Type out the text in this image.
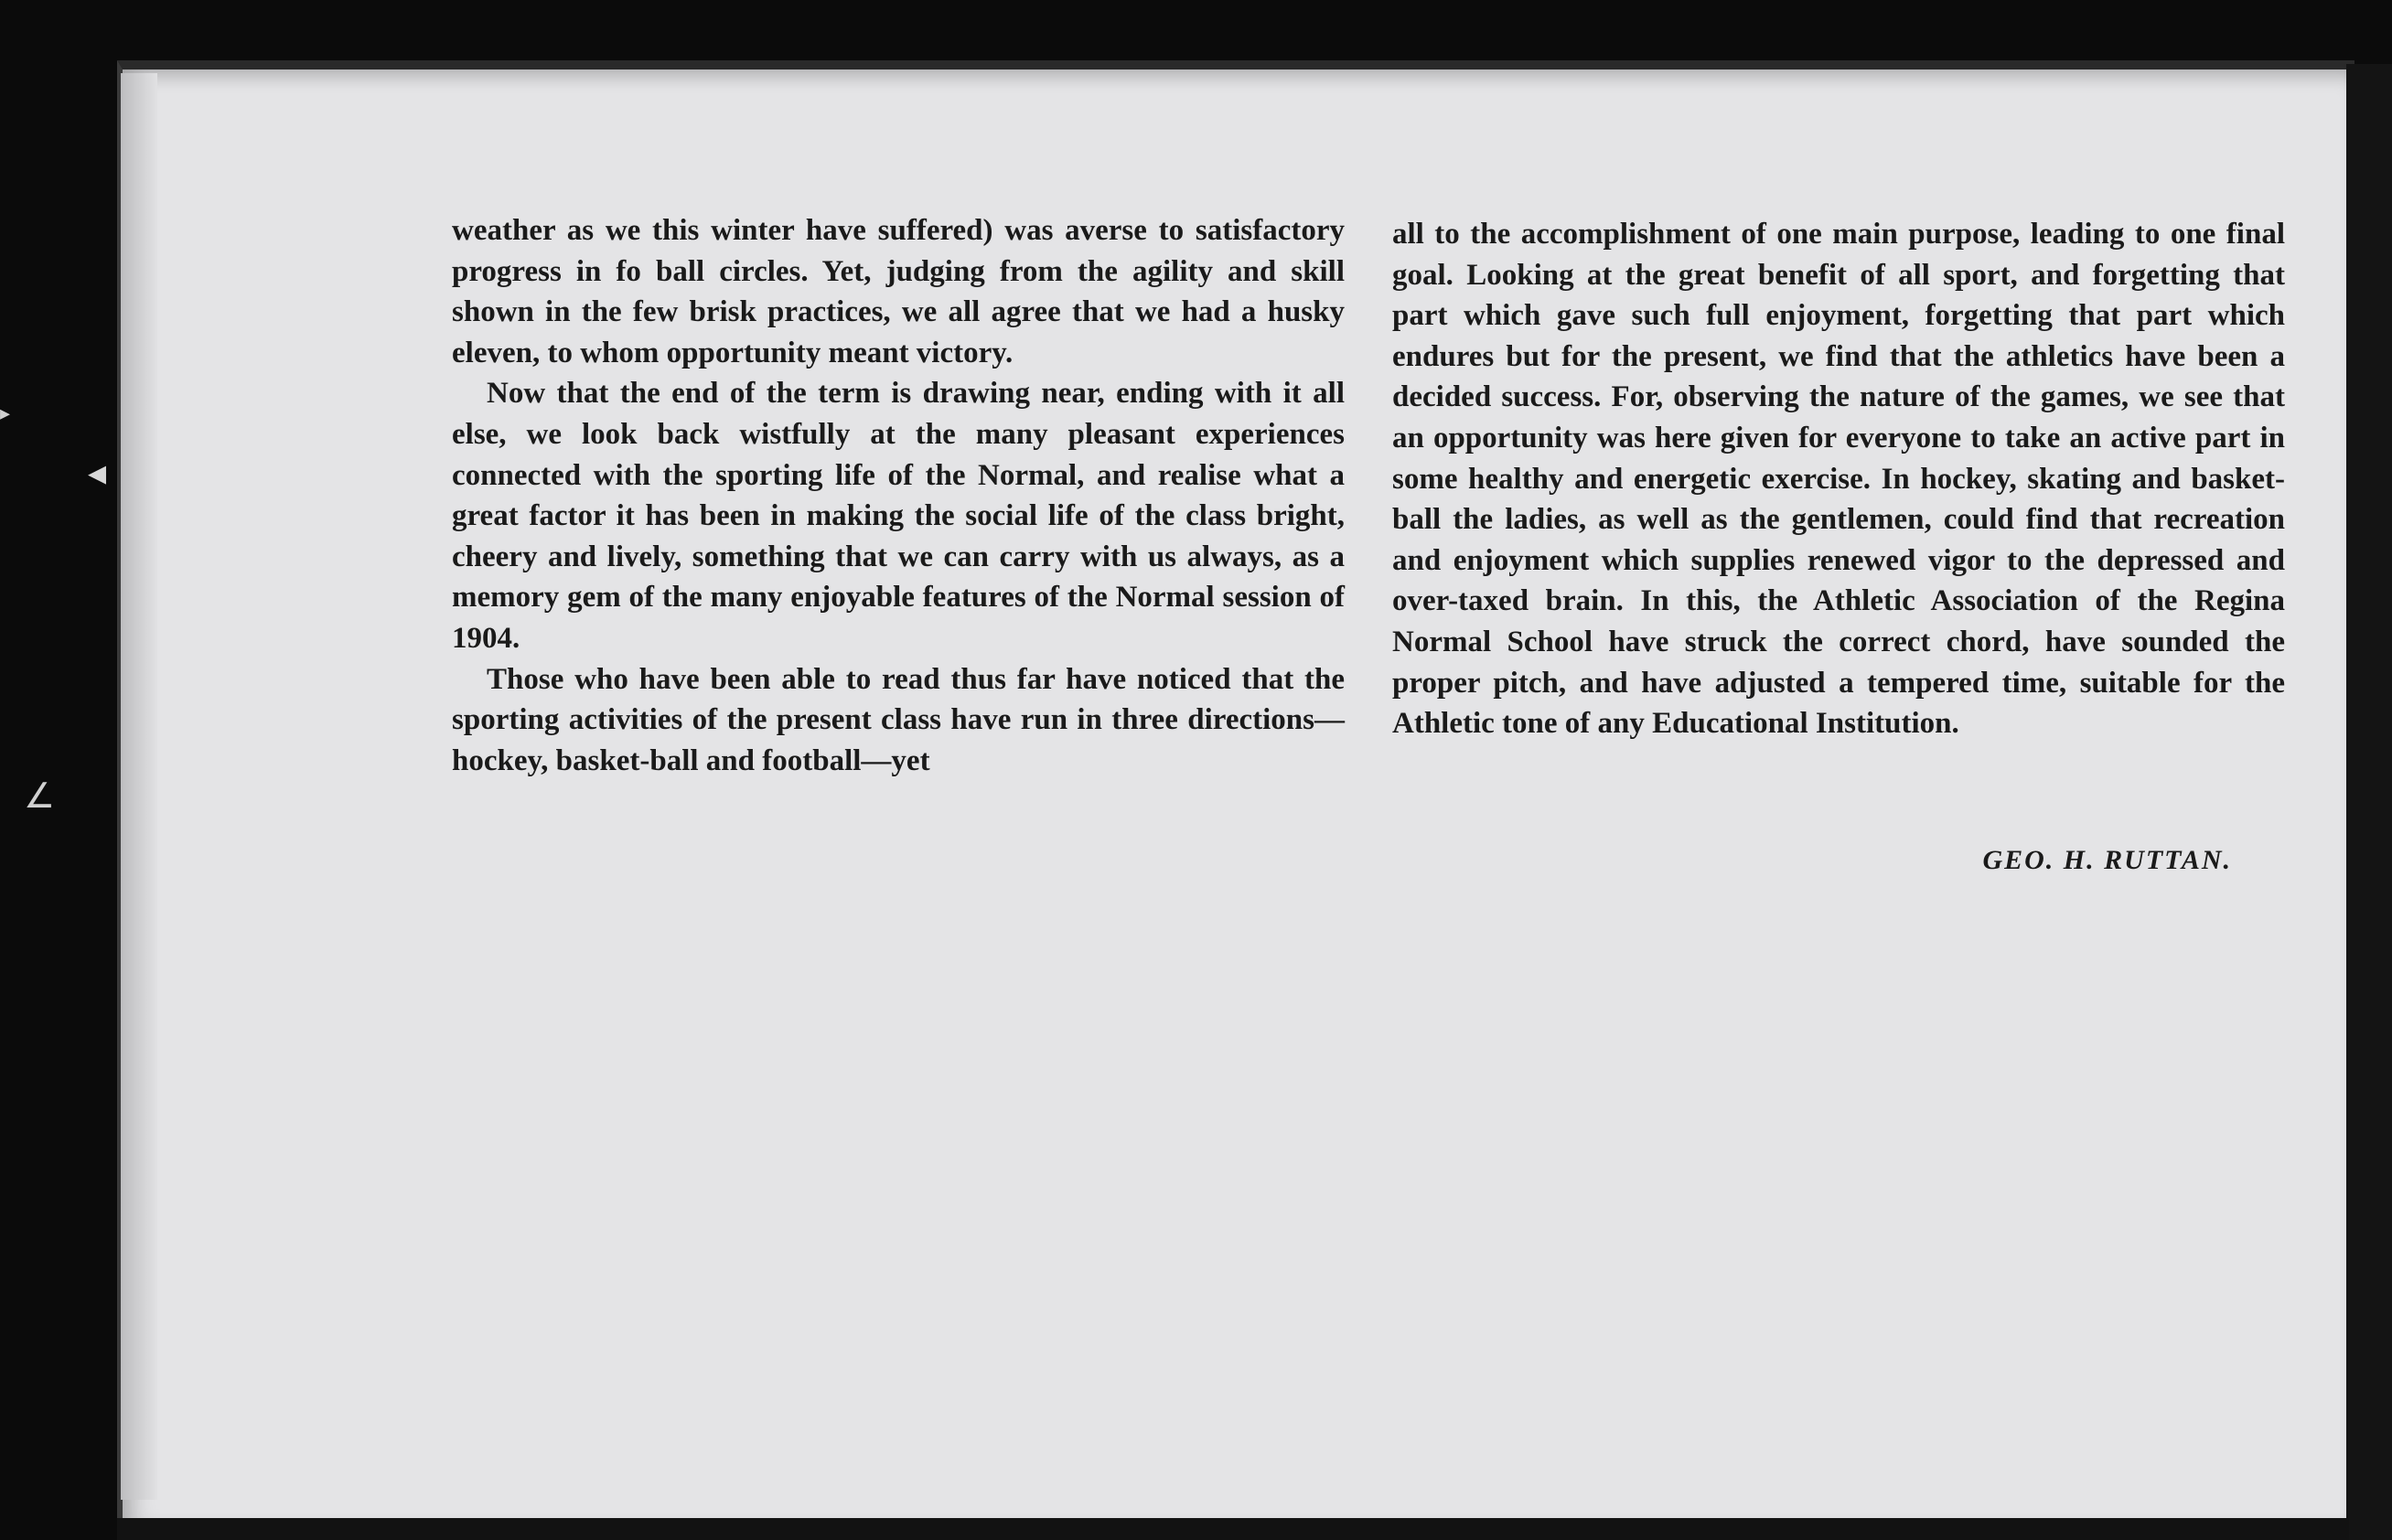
▸
◂
∠

weather as we this winter have suffered) was averse to satisfactory progress in fo ball circles. Yet, judging from the agility and skill shown in the few brisk practices, we all agree that we had a husky eleven, to whom opportunity meant victory.

Now that the end of the term is drawing near, ending with it all else, we look back wistfully at the many pleasant experiences connected with the sporting life of the Normal, and realise what a great factor it has been in making the social life of the class bright, cheery and lively, something that we can carry with us always, as a memory gem of the many enjoyable features of the Normal session of 1904.

Those who have been able to read thus far have noticed that the sporting activities of the present class have run in three directions—hockey, basket-ball and football—yet

all to the accomplishment of one main purpose, leading to one final goal. Looking at the great benefit of all sport, and forgetting that part which gave such full enjoyment, forgetting that part which endures but for the present, we find that the athletics have been a decided success. For, observing the nature of the games, we see that an opportunity was here given for everyone to take an active part in some healthy and energetic exercise. In hockey, skating and basket-ball the ladies, as well as the gentlemen, could find that recreation and enjoyment which supplies renewed vigor to the depressed and over-taxed brain. In this, the Athletic Association of the Regina Normal School have struck the correct chord, have sounded the proper pitch, and have adjusted a tempered time, suitable for the Athletic tone of any Educational Institution.

GEO. H. RUTTAN.
